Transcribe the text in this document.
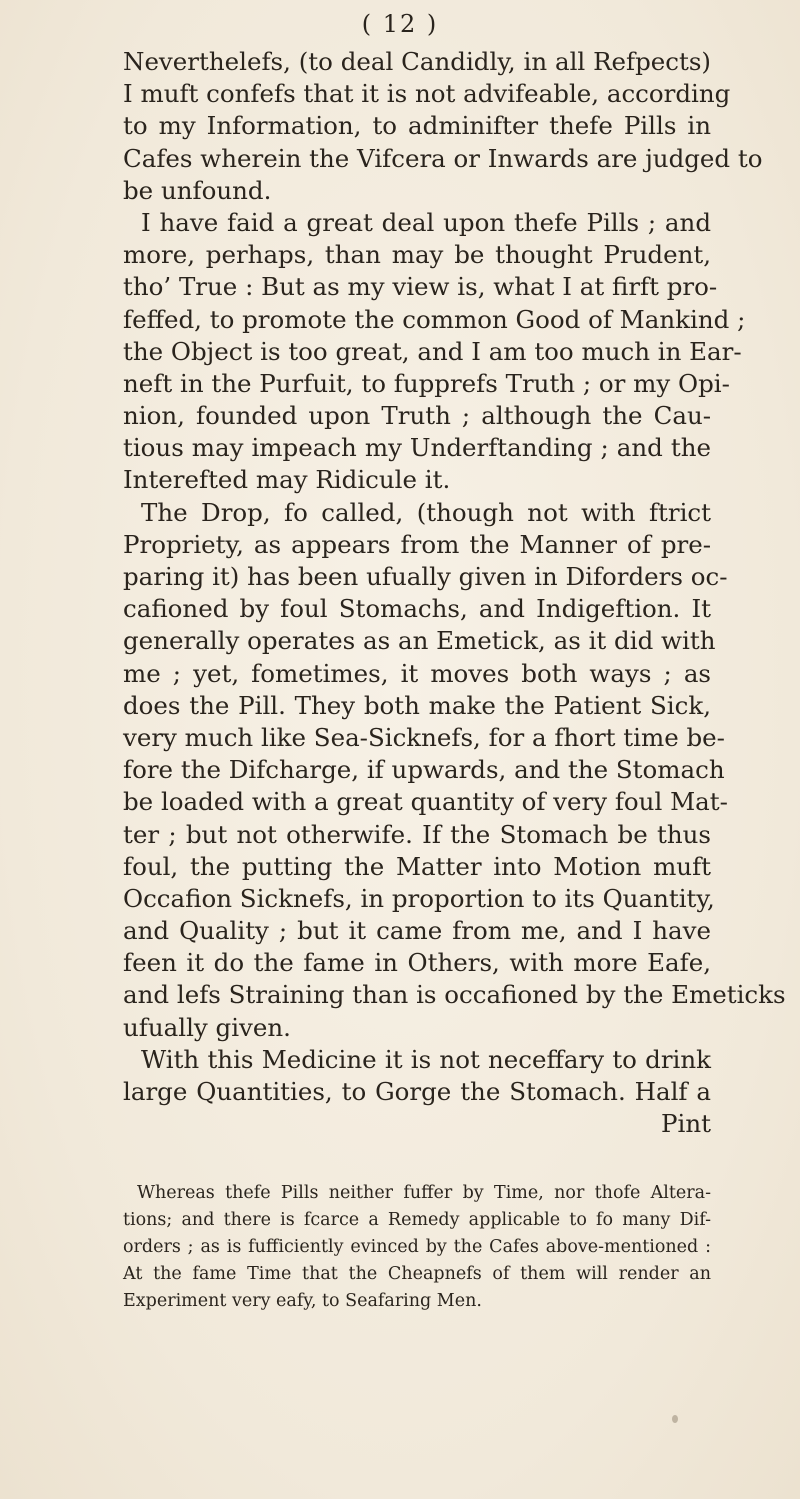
( 12 )
Neverthelefs, (to deal Candidly, in all Refpects)
I muft confefs that it is not advifeable, according
to my Information, to adminifter thefe Pills in
Cafes wherein the Vifcera or Inwards are judged to
be unfound.
I have faid a great deal upon thefe Pills ; and
more, perhaps, than may be thought Prudent,
tho’ True : But as my view is, what I at firft pro-
feffed, to promote the common Good of Mankind ;
the Object is too great, and I am too much in Ear-
neft in the Purfuit, to fupprefs Truth ; or my Opi-
nion, founded upon Truth ; although the Cau-
tious may impeach my Underftanding ; and the
Interefted may Ridicule it.
The Drop, fo called, (though not with ftrict
Propriety, as appears from the Manner of pre-
paring it) has been ufually given in Diforders oc-
cafioned by foul Stomachs, and Indigeftion. It
generally operates as an Emetick, as it did with
me ; yet, fometimes, it moves both ways ; as
does the Pill. They both make the Patient Sick,
very much like Sea-Sicknefs, for a fhort time be-
fore the Difcharge, if upwards, and the Stomach
be loaded with a great quantity of very foul Mat-
ter ; but not otherwife. If the Stomach be thus
foul, the putting the Matter into Motion muft
Occafion Sicknefs, in proportion to its Quantity,
and Quality ; but it came from me, and I have
feen it do the fame in Others, with more Eafe,
and lefs Straining than is occafioned by the Emeticks
ufually given.
With this Medicine it is not neceffary to drink
large Quantities, to Gorge the Stomach. Half a
Pint
Whereas thefe Pills neither fuffer by Time, nor thofe Altera-
tions; and there is fcarce a Remedy applicable to fo many Dif-
orders ; as is fufficiently evinced by the Cafes above-mentioned :
At the fame Time that the Cheapnefs of them will render an
Experiment very eafy, to Seafaring Men.
